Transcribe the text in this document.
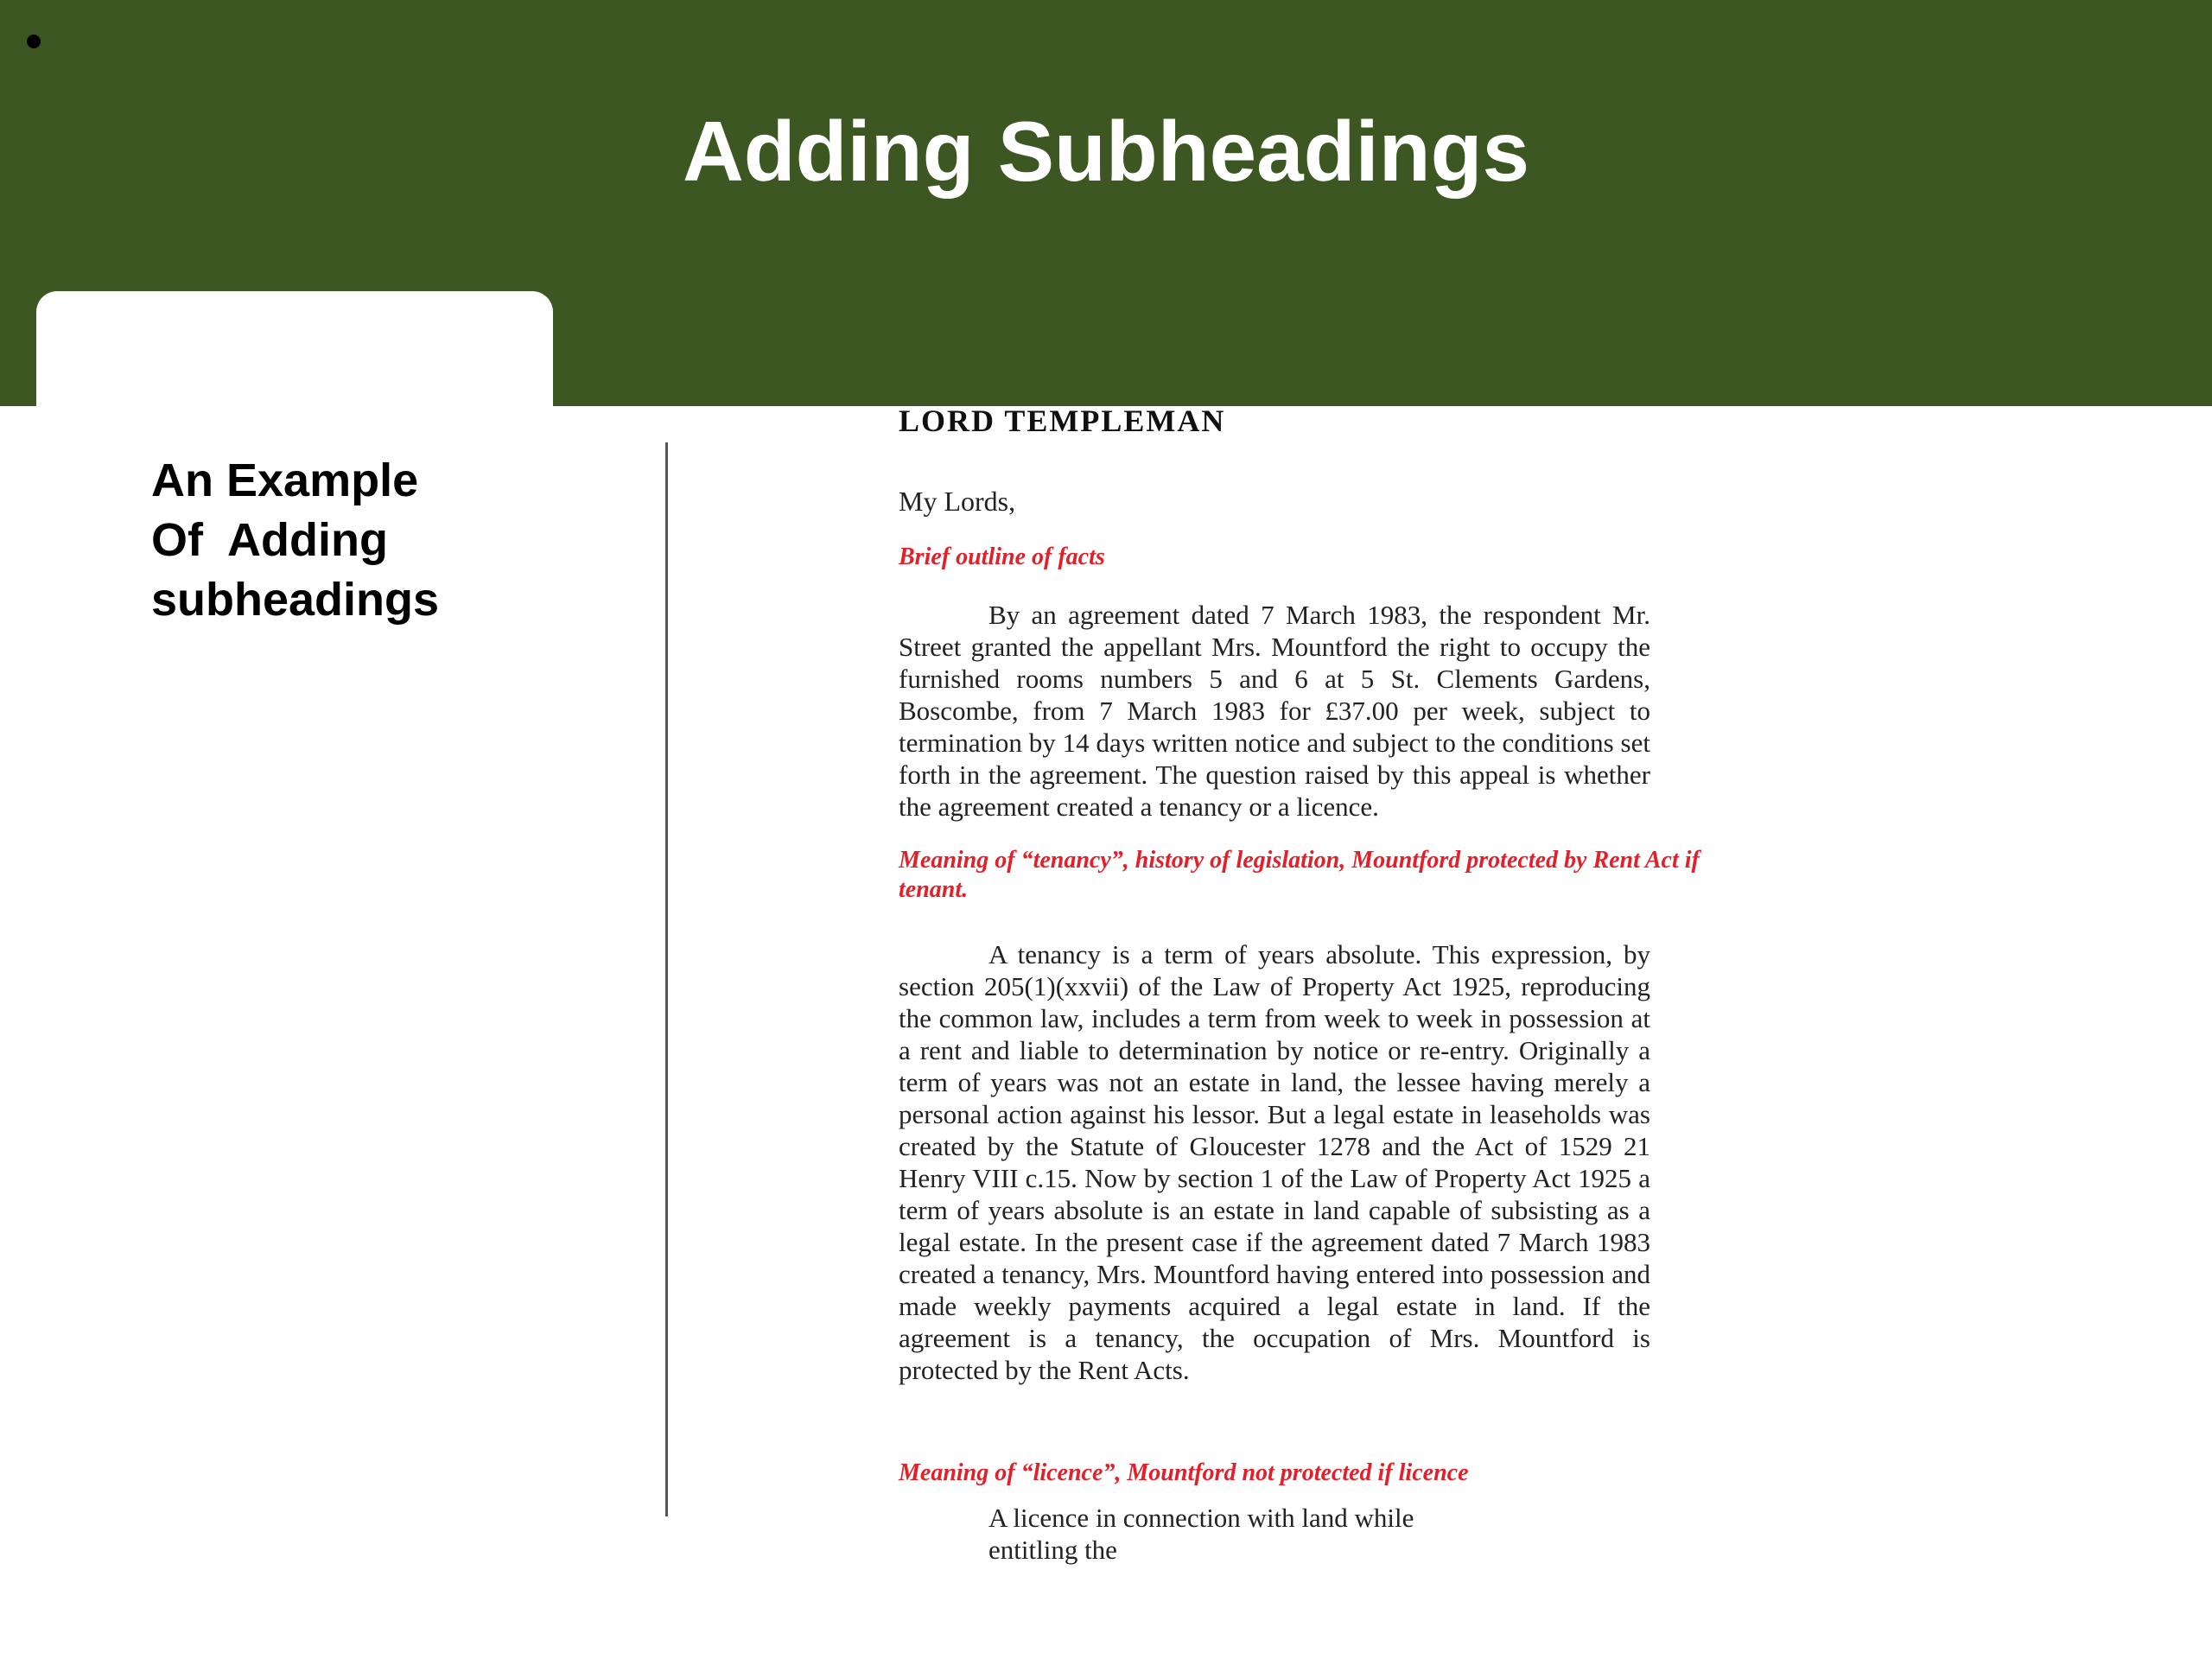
Adding Subheadings
An Example
Of  Adding
subheadings
LORD TEMPLEMAN

My Lords,

Brief outline of facts

By an agreement dated 7 March 1983, the respondent Mr. Street granted the appellant Mrs. Mountford the right to occupy the furnished rooms numbers 5 and 6 at 5 St. Clements Gardens, Boscombe, from 7 March 1983 for £37.00 per week, subject to termination by 14 days written notice and subject to the conditions set forth in the agreement. The question raised by this appeal is whether the agreement created a tenancy or a licence.

Meaning of “tenancy”, history of legislation, Mountford protected by Rent Act if tenant.

A tenancy is a term of years absolute. This expression, by section 205(1)(xxvii) of the Law of Property Act 1925, reproducing the common law, includes a term from week to week in possession at a rent and liable to determination by notice or re-entry. Originally a term of years was not an estate in land, the lessee having merely a personal action against his lessor. But a legal estate in leaseholds was created by the Statute of Gloucester 1278 and the Act of 1529 21 Henry VIII c.15. Now by section 1 of the Law of Property Act 1925 a term of years absolute is an estate in land capable of subsisting as a legal estate. In the present case if the agreement dated 7 March 1983 created a tenancy, Mrs. Mountford having entered into possession and made weekly payments acquired a legal estate in land. If the agreement is a tenancy, the occupation of Mrs. Mountford is protected by the Rent Acts.

Meaning of “licence”, Mountford not protected if licence

A licence in connection with land while entitling the
